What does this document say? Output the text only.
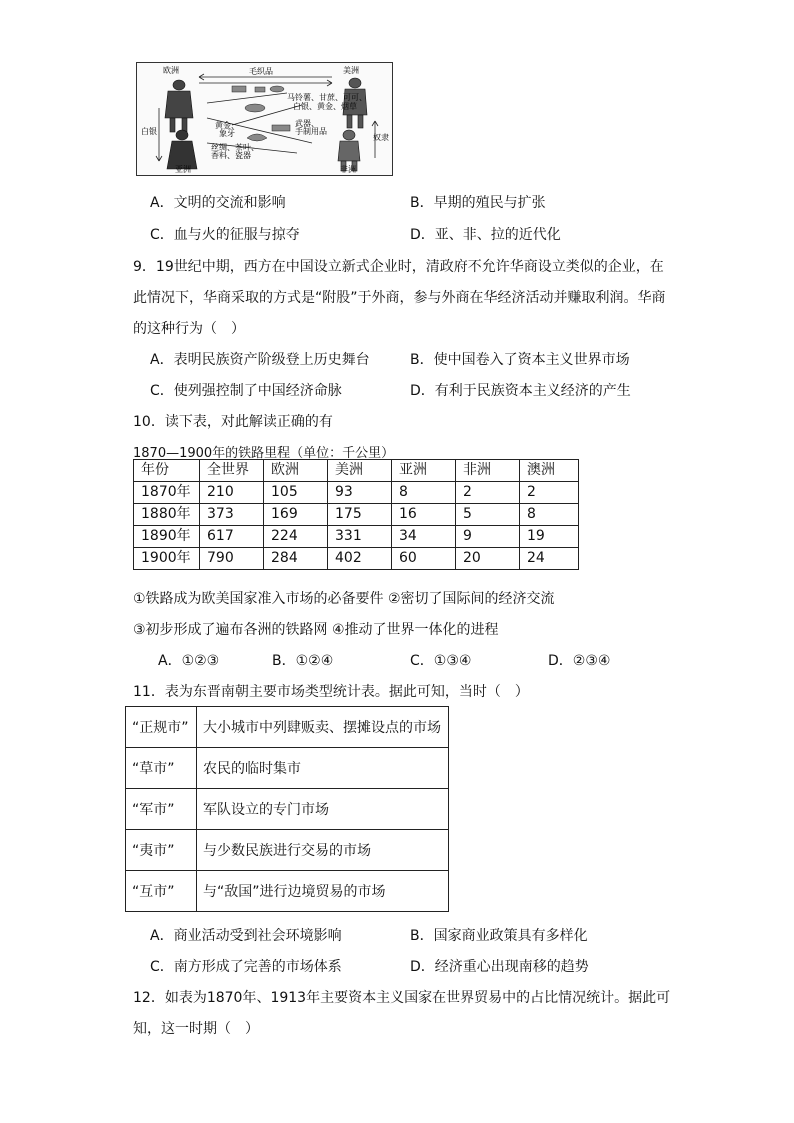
欧洲	美洲
亚洲	非洲
毛织品
马铃薯、甘蔗、可可、
白银、黄金、烟草
黄金、
象牙
武器、
手制用品
丝绸、茶叶、
香料、瓷器
白银
奴隶
A．文明的交流和影响	B．早期的殖民与扩张
C．血与火的征服与掠夺	D．亚、非、拉的近代化
9．19世纪中期，西方在中国设立新式企业时，清政府不允许华商设立类似的企业，在
此情况下，华商采取的方式是“附股”于外商，参与外商在华经济活动并赚取利润。华商
的这种行为（　）
A．表明民族资产阶级登上历史舞台	B．使中国卷入了资本主义世界市场
C．使列强控制了中国经济命脉	D．有利于民族资本主义经济的产生
10．读下表，对此解读正确的有
1870—1900年的铁路里程（单位：千公里）
年份	全世界	欧洲	美洲	亚洲	非洲	澳洲
1870年	210	105	93	8	2	2
1880年	373	169	175	16	5	8
1890年	617	224	331	34	9	19
1900年	790	284	402	60	20	24
①铁路成为欧美国家准入市场的必备要件 ②密切了国际间的经济交流
③初步形成了遍布各洲的铁路网 ④推动了世界一体化的进程
A．①②③	B．①②④	C．①③④	D．②③④
11．表为东晋南朝主要市场类型统计表。据此可知，当时（　）
“正规市”	大小城市中列肆贩卖、摆摊设点的市场
“草市”	农民的临时集市
“军市”	军队设立的专门市场
“夷市”	与少数民族进行交易的市场
“互市”	与“敌国”进行边境贸易的市场
A．商业活动受到社会环境影响	B．国家商业政策具有多样化
C．南方形成了完善的市场体系	D．经济重心出现南移的趋势
12．如表为1870年、1913年主要资本主义国家在世界贸易中的占比情况统计。据此可
知，这一时期（　）
